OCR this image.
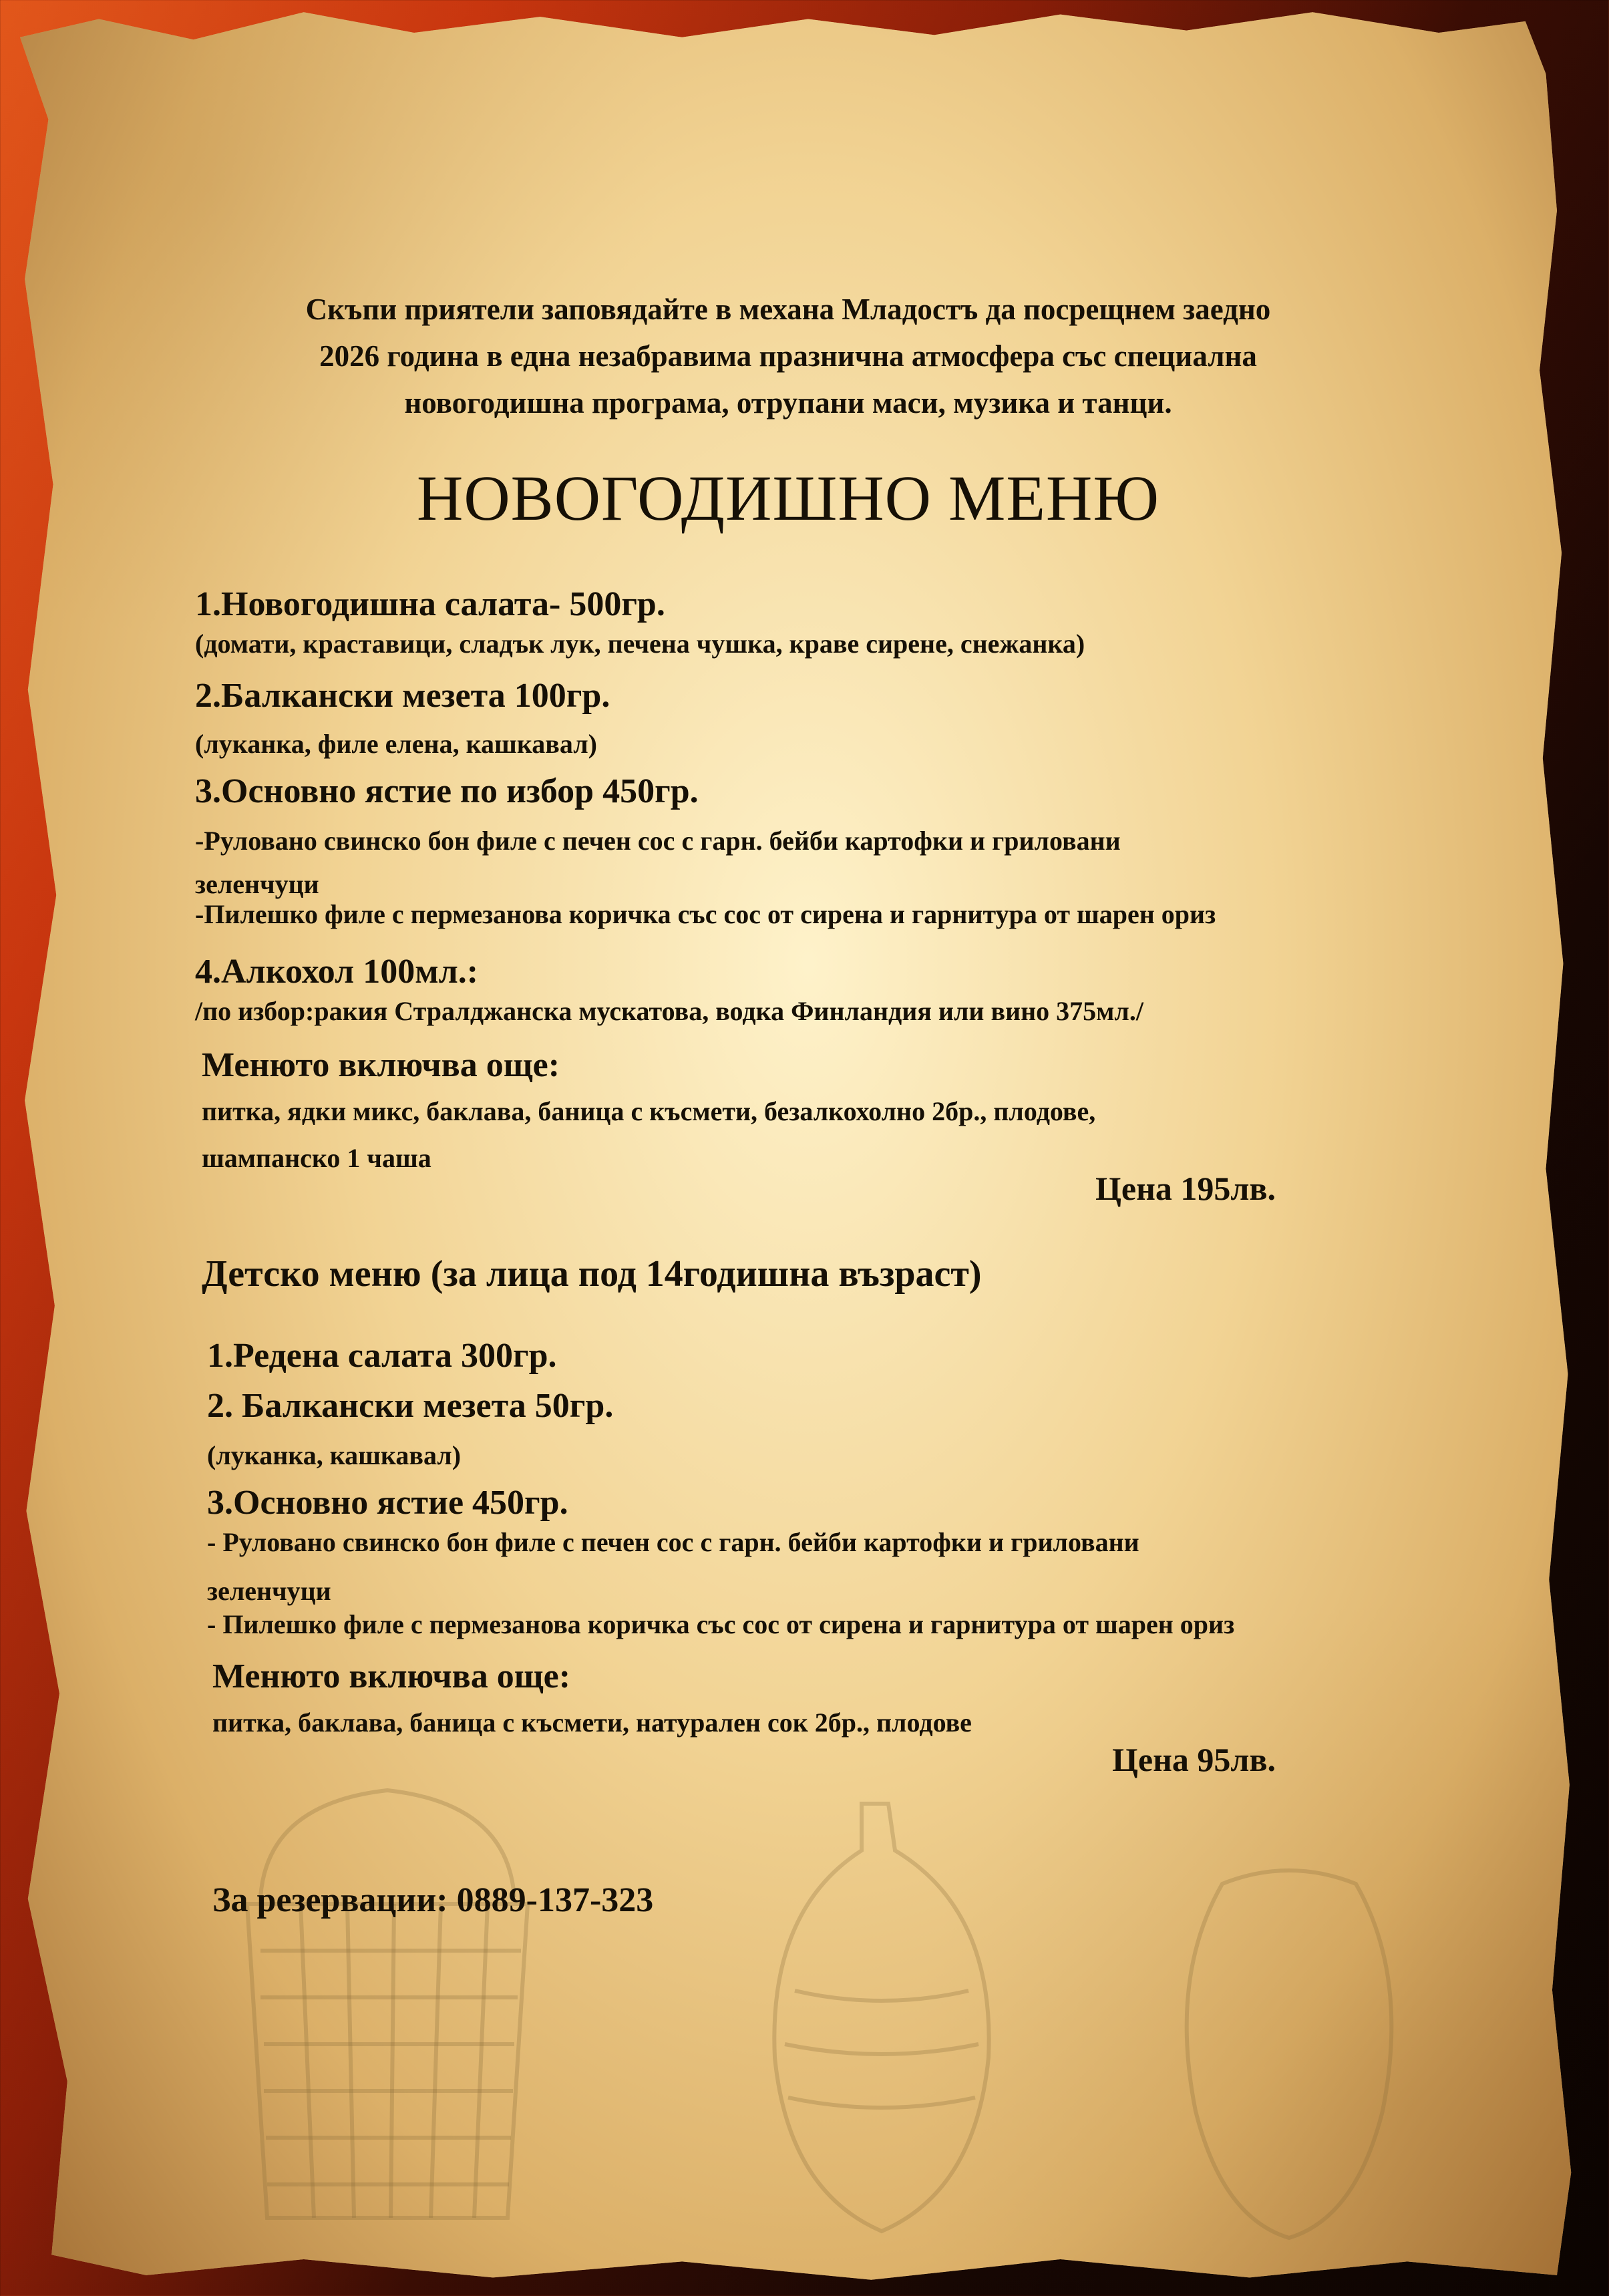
Скъпи приятели заповядайте в механа Младостъ да посрещнем заедно
2026 година в една незабравима празнична атмосфера със специална
новогодишна програма, отрупани маси, музика и танци.
НОВОГОДИШНО МЕНЮ
1.Новогодишна салата- 500гр.
(домати, краставици, сладък лук, печена чушка, краве сирене, снежанка)
2.Балкански мезета 100гр.
(луканка, филе елена, кашкавал)
3.Основно ястие по избор 450гр.
-Руловано свинско бон филе с печен сос с гарн. бейби картофки и гриловани
зеленчуци
-Пилешко филе с пермезанова коричка със сос от сирена и гарнитура от шарен ориз
4.Алкохол 100мл.:
/по избор:ракия Стралджанска мускатова, водка Финландия или вино 375мл./
Менюто включва още:
питка, ядки микс, баклава, баница с късмети, безалкохолно 2бр., плодове,
шампанско 1 чаша
Цена 195лв.
Детско меню (за лица под 14годишна възраст)
1.Редена салата 300гр.
2. Балкански мезета 50гр.
(луканка, кашкавал)
3.Основно ястие 450гр.
- Руловано свинско бон филе с печен сос с гарн. бейби картофки и гриловани
зеленчуци
- Пилешко филе с пермезанова коричка със сос от сирена и гарнитура от шарен ориз
Менюто включва още:
питка, баклава, баница с късмети, натурален сок 2бр., плодове
Цена 95лв.
За резервации: 0889-137-323
